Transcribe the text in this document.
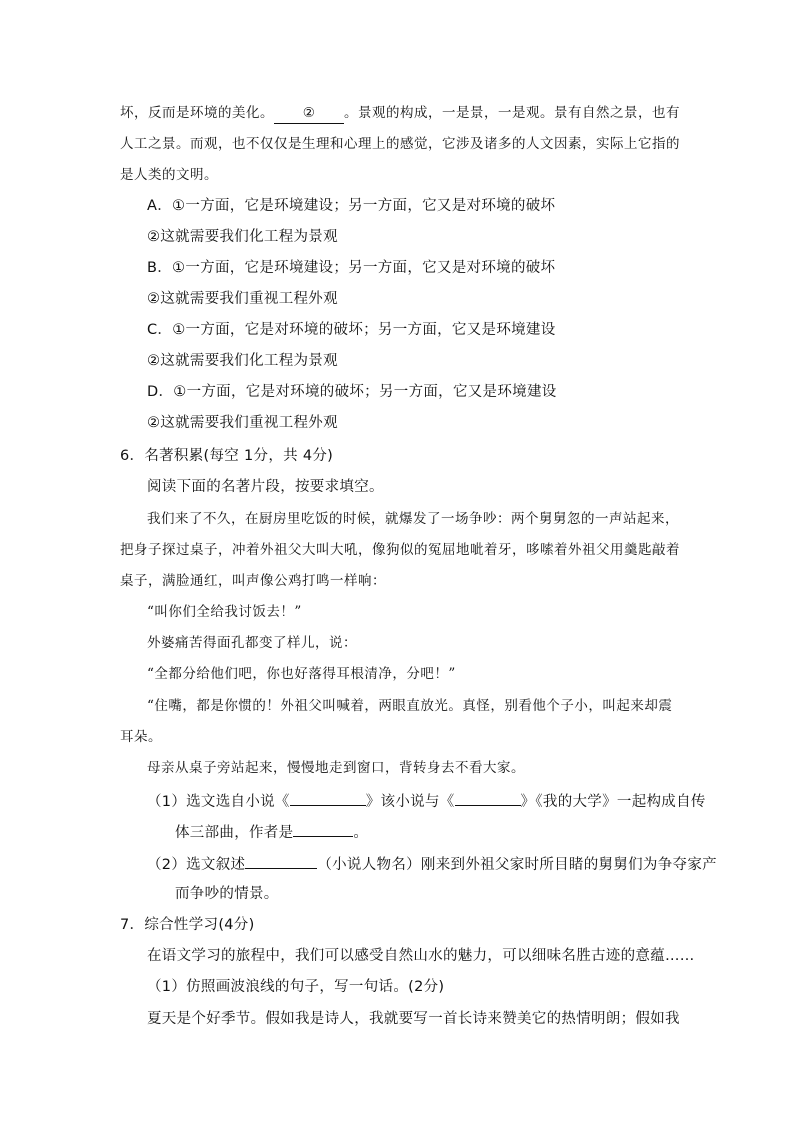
坏，反而是环境的美化。 ② 。景观的构成，一是景，一是观。景有自然之景，也有
人工之景。而观，也不仅仅是生理和心理上的感觉，它涉及诸多的人文因素，实际上它指的
是人类的文明。
A．①一方面，它是环境建设；另一方面，它又是对环境的破坏
②这就需要我们化工程为景观
B．①一方面，它是环境建设；另一方面，它又是对环境的破坏
②这就需要我们重视工程外观
C．①一方面，它是对环境的破坏；另一方面，它又是环境建设
②这就需要我们化工程为景观
D．①一方面，它是对环境的破坏；另一方面，它又是环境建设
②这就需要我们重视工程外观
6．名著积累(每空 1分，共 4分)
阅读下面的名著片段，按要求填空。
我们来了不久，在厨房里吃饭的时候，就爆发了一场争吵：两个舅舅忽的一声站起来，
把身子探过桌子，冲着外祖父大叫大吼，像狗似的冤屈地呲着牙，哆嗦着外祖父用羹匙敲着
桌子，满脸通红，叫声像公鸡打鸣一样响：
“叫你们全给我讨饭去！”
外婆痛苦得面孔都变了样儿，说：
“全都分给他们吧，你也好落得耳根清净，分吧！”
“住嘴，都是你惯的！外祖父叫喊着，两眼直放光。真怪，别看他个子小，叫起来却震
耳朵。
母亲从桌子旁站起来，慢慢地走到窗口，背转身去不看大家。
（1）选文选自小说《	》该小说与《	》《我的大学》一起构成自传
体三部曲，作者是	。
（2）选文叙述	（小说人物名）刚来到外祖父家时所目睹的舅舅们为争夺家产
而争吵的情景。
7．综合性学习(4分)
在语文学习的旅程中，我们可以感受自然山水的魅力，可以细味名胜古迹的意蕴……
（1）仿照画波浪线的句子，写一句话。(2分)
夏天是个好季节。假如我是诗人，我就要写一首长诗来赞美它的热情明朗；假如我
